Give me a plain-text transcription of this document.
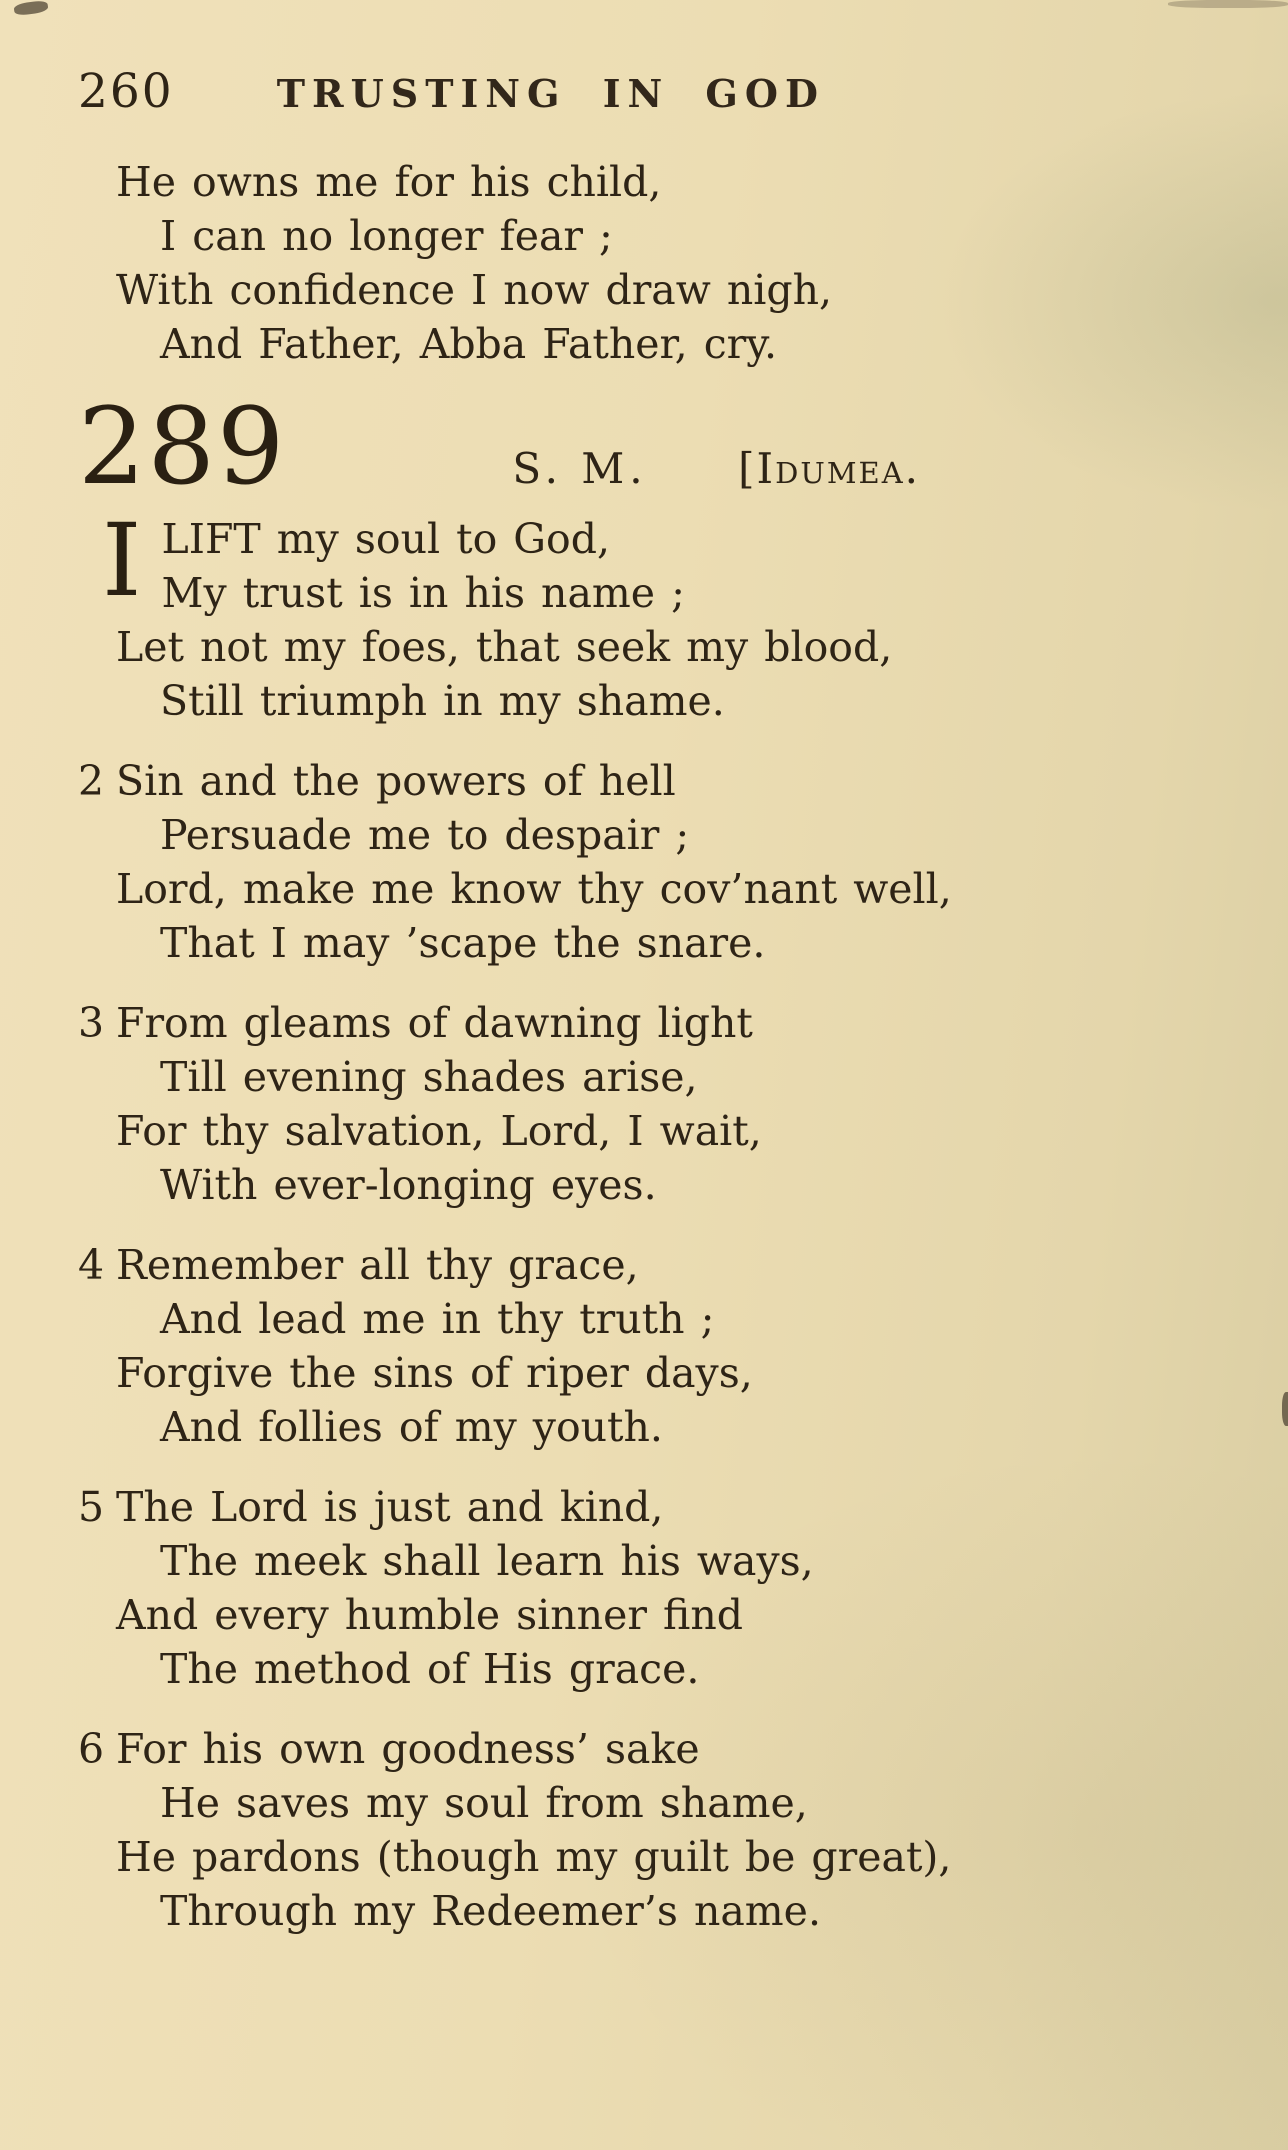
260	TRUSTING IN GOD

He owns me for his child,

I can no longer fear ;

With confidence I now draw nigh,

And Father, Abba Father, cry.

289	S. M. [Idumea.
I LIFT my soul to God,

My trust is in his name ;

Let not my foes, that seek my blood,

Still triumph in my shame.

2 Sin and the powers of hell

Persuade me to despair ;

Lord, make me know thy cov’nant well,

That I may ’scape the snare.

3 From gleams of dawning light

Till evening shades arise,

For thy salvation, Lord, I wait,

With ever-longing eyes.

4 Remember all thy grace,

And lead me in thy truth ;

Forgive the sins of riper days,

And follies of my youth.

5 The Lord is just and kind,

The meek shall learn his ways,

And every humble sinner find

The method of His grace.

6 For his own goodness’ sake

He saves my soul from shame,

He pardons (though my guilt be great),

Through my Redeemer’s name.
